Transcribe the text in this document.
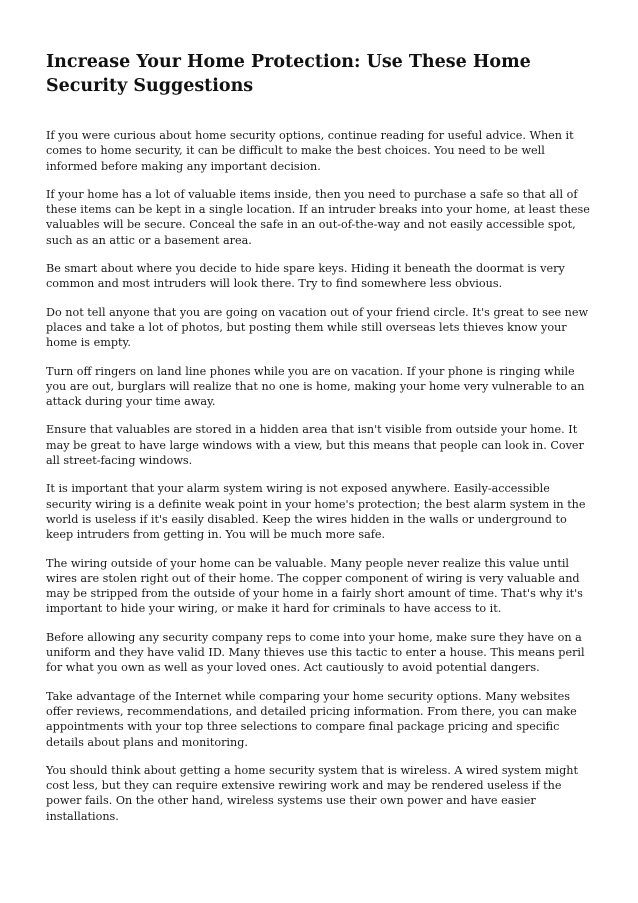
Increase Your Home Protection: Use These Home Security Suggestions

If you were curious about home security options, continue reading for useful advice. When it comes to home security, it can be difficult to make the best choices. You need to be well informed before making any important decision.

If your home has a lot of valuable items inside, then you need to purchase a safe so that all of these items can be kept in a single location. If an intruder breaks into your home, at least these valuables will be secure. Conceal the safe in an out-of-the-way and not easily accessible spot, such as an attic or a basement area.

Be smart about where you decide to hide spare keys. Hiding it beneath the doormat is very common and most intruders will look there. Try to find somewhere less obvious.

Do not tell anyone that you are going on vacation out of your friend circle. It's great to see new places and take a lot of photos, but posting them while still overseas lets thieves know your home is empty.

Turn off ringers on land line phones while you are on vacation. If your phone is ringing while you are out, burglars will realize that no one is home, making your home very vulnerable to an attack during your time away.

Ensure that valuables are stored in a hidden area that isn't visible from outside your home. It may be great to have large windows with a view, but this means that people can look in. Cover all street-facing windows.

It is important that your alarm system wiring is not exposed anywhere. Easily-accessible security wiring is a definite weak point in your home's protection; the best alarm system in the world is useless if it's easily disabled. Keep the wires hidden in the walls or underground to keep intruders from getting in. You will be much more safe.

The wiring outside of your home can be valuable. Many people never realize this value until wires are stolen right out of their home. The copper component of wiring is very valuable and may be stripped from the outside of your home in a fairly short amount of time. That's why it's important to hide your wiring, or make it hard for criminals to have access to it.

Before allowing any security company reps to come into your home, make sure they have on a uniform and they have valid ID. Many thieves use this tactic to enter a house. This means peril for what you own as well as your loved ones. Act cautiously to avoid potential dangers.

Take advantage of the Internet while comparing your home security options. Many websites offer reviews, recommendations, and detailed pricing information. From there, you can make appointments with your top three selections to compare final package pricing and specific details about plans and monitoring.

You should think about getting a home security system that is wireless. A wired system might cost less, but they can require extensive rewiring work and may be rendered useless if the power fails. On the other hand, wireless systems use their own power and have easier installations.
